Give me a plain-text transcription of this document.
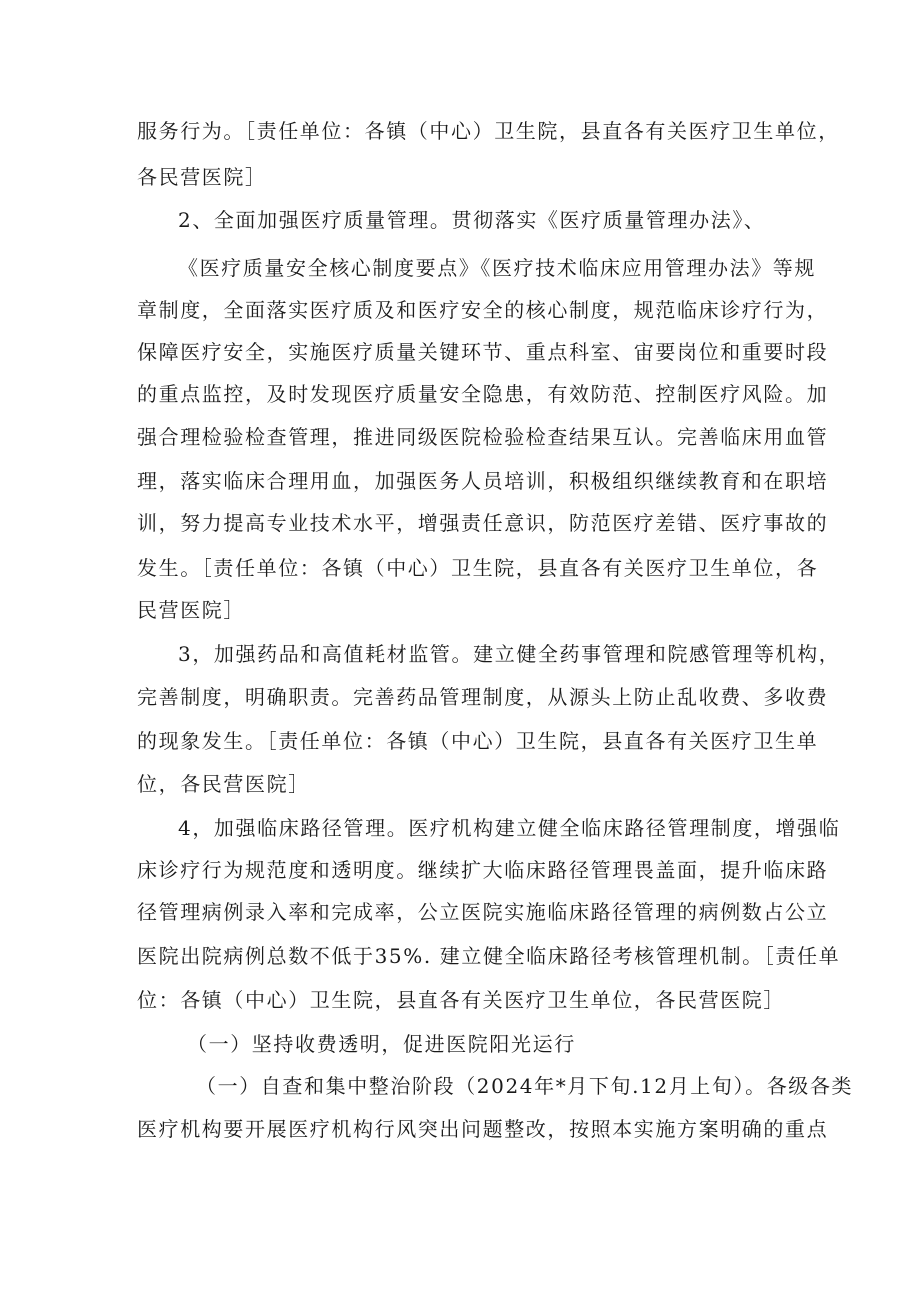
服务行为。［责任单位：各镇（中心）卫生院，县直各有关医疗卫生单位，

各民营医院］

2、全面加强医疗质量管理。贯彻落实《医疗质量管理办法》、

《医疗质量安全核心制度要点》《医疗技术临床应用管理办法》等规

章制度，全面落实医疗质及和医疗安全的核心制度，规范临床诊疗行为，

保障医疗安全，实施医疗质量关键环节、重点科室、宙要岗位和重要时段

的重点监控，及时发现医疗质量安全隐患，有效防范、控制医疗风险。加

强合理检验检查管理，推进同级医院检验检查结果互认。完善临床用血管

理，落实临床合理用血，加强医务人员培训，积极组织继续教育和在职培

训，努力提高专业技术水平，增强责任意识，防范医疗差错、医疗事故的

发生。［责任单位：各镇（中心）卫生院，县直各有关医疗卫生单位，各

民营医院］

3，加强药品和高值耗材监管。建立健全药事管理和院感管理等机构，

完善制度，明确职责。完善药品管理制度，从源头上防止乱收费、多收费

的现象发生。［责任单位：各镇（中心）卫生院，县直各有关医疗卫生单

位，各民营医院］

4，加强临床路径管理。医疗机构建立健全临床路径管理制度，增强临

床诊疗行为规范度和透明度。继续扩大临床路径管理畏盖面，提升临床路

径管理病例录入率和完成率，公立医院实施临床路径管理的病例数占公立

医院出院病例总数不低于35%. 建立健全临床路径考核管理机制。［责任单

位：各镇（中心）卫生院，县直各有关医疗卫生单位，各民营医院］

（一）坚持收费透明，促进医院阳光运行

（一）自查和集中整治阶段（2024年*月下旬.12月上旬）。各级各类

医疗机构要开展医疗机构行风突出问题整改，按照本实施方案明确的重点
